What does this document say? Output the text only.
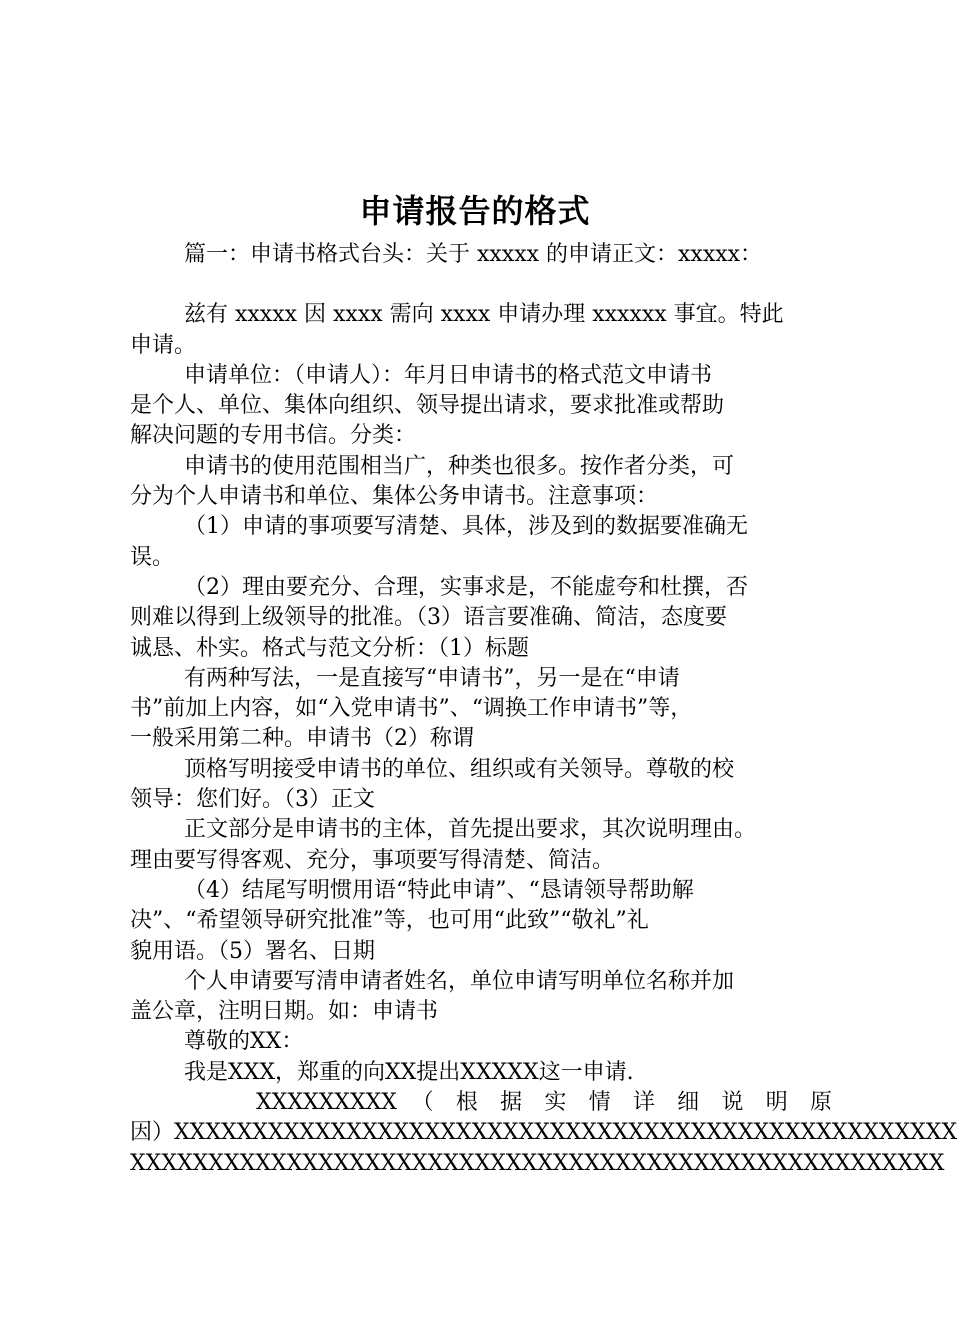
申请报告的格式
篇一：申请书格式台头：关于 xxxxx 的申请正文：xxxxx：
兹有 xxxxx 因 xxxx 需向 xxxx 申请办理 xxxxxx 事宜。特此
申请。
申请单位：（申请人）：年月日申请书的格式范文申请书
是个人、单位、集体向组织、领导提出请求，要求批准或帮助
解决问题的专用书信。分类：
申请书的使用范围相当广，种类也很多。按作者分类，可
分为个人申请书和单位、集体公务申请书。注意事项：
（1）申请的事项要写清楚、具体，涉及到的数据要准确无
误。
（2）理由要充分、合理，实事求是，不能虚夸和杜撰，否
则难以得到上级领导的批准。（3）语言要准确、简洁，态度要
诚恳、朴实。格式与范文分析：（1）标题
有两种写法，一是直接写“申请书”，另一是在“申请
书”前加上内容，如“入党申请书”、“调换工作申请书”等，
一般采用第二种。申请书（2）称谓
顶格写明接受申请书的单位、组织或有关领导。尊敬的校
领导：您们好。（3）正文
正文部分是申请书的主体，首先提出要求，其次说明理由。
理由要写得客观、充分，事项要写得清楚、简洁。
（4）结尾写明惯用语“特此申请”、“恳请领导帮助解
决”、“希望领导研究批准”等，也可用“此致”“敬礼”礼
貌用语。（5）署名、日期
个人申请要写清申请者姓名，单位申请写明单位名称并加
盖公章，注明日期。如：申请书
尊敬的XX：
我是XXX，郑重的向XX提出XXXXX这一申请.
XXXXXXXXX （ 根 据 实 情 详 细 说 明 原
因）XXXXXXXXXXXXXXXXXXXXXXXXXXXXXXXXXXXXXXXXXXXXXXXXXX
XXXXXXXXXXXXXXXXXXXXXXXXXXXXXXXXXXXXXXXXXXXXXXXXXXXX
